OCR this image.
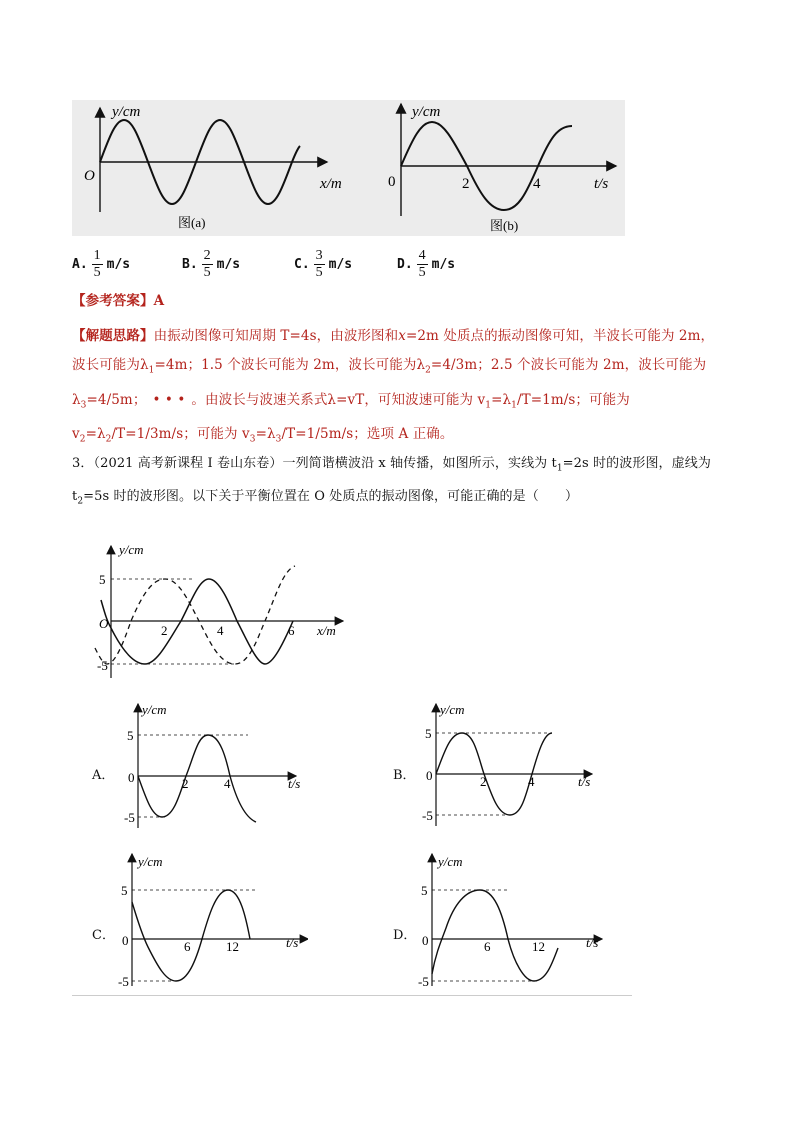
y/cm
O	x/m
图(a)
y/cm
0	2	4	t/s
图(b)
A. $\frac{1}{5} m/s$	B. $\frac{2}{5} m/s$	C. $\frac{3}{5} m/s$	D. $\frac{4}{5} m/s$
【参考答案】A
【解题思路】由振动图像可知周期 T=4s，由波形图和x=2m 处质点的振动图像可知，半波长可能为 2m，波长可能为$\lambda_1=4m$；1.5 个波长可能为 2m，波长可能为$\lambda_2=4/3m$；2.5 个波长可能为 2m，波长可能为$\lambda_3=4/5m$； • • • 。由波长与波速关系式λ=vT，可知波速可能为 $v_1=\lambda_1/T=1m/s$；可能为 $v_2=\lambda_2/T=1/3m/s$；可能为 $v_3=\lambda_3/T=1/5m/s$；选项 A 正确。
3．（2021 高考新课程 I 卷山东卷）一列简谐横波沿 x 轴传播，如图所示，实线为 $t_1=2s$ 时的波形图，虚线为
$t_2=5s$ 时的波形图。以下关于平衡位置在 O 处质点的振动图像，可能正确的是（　　）
y/cm
5
-5
O	2	4	6 x/m
A．
y/cm
5
-5
0	2	4	t/s
B．
y/cm
5
-5
0	2	4	t/s
C．
y/cm
5
-5
0	6	12	t/s	D．
y/cm
5
-5
0	6	12	t/s
